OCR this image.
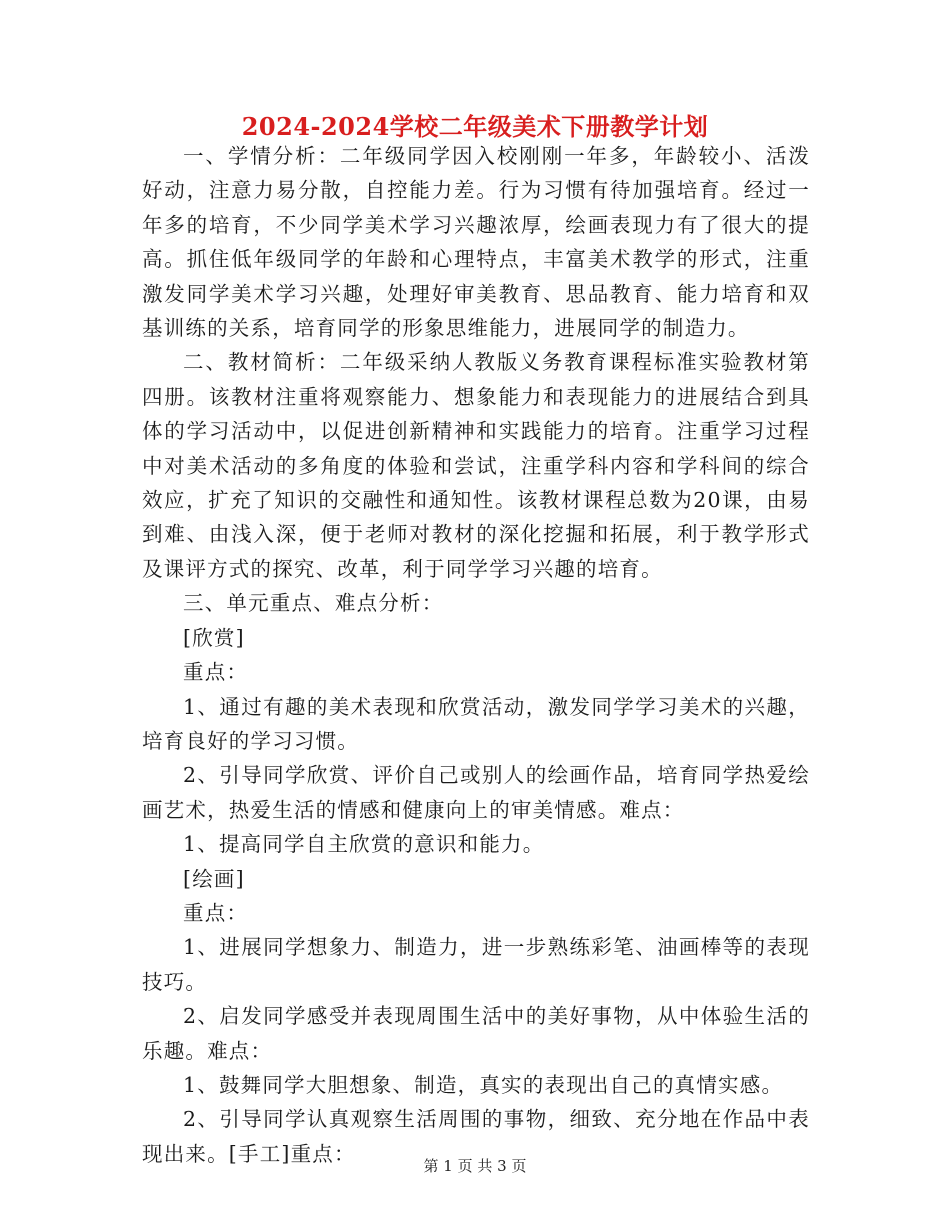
2024-2024学校二年级美术下册教学计划

一、学情分析：二年级同学因入校刚刚一年多，年龄较小、活泼好动，注意力易分散，自控能力差。行为习惯有待加强培育。经过一年多的培育，不少同学美术学习兴趣浓厚，绘画表现力有了很大的提高。抓住低年级同学的年龄和心理特点，丰富美术教学的形式，注重激发同学美术学习兴趣，处理好审美教育、思品教育、能力培育和双基训练的关系，培育同学的形象思维能力，进展同学的制造力。

二、教材简析：二年级采纳人教版义务教育课程标准实验教材第四册。该教材注重将观察能力、想象能力和表现能力的进展结合到具体的学习活动中，以促进创新精神和实践能力的培育。注重学习过程中对美术活动的多角度的体验和尝试，注重学科内容和学科间的综合效应，扩充了知识的交融性和通知性。该教材课程总数为20课，由易到难、由浅入深，便于老师对教材的深化挖掘和拓展，利于教学形式及课评方式的探究、改革，利于同学学习兴趣的培育。

三、单元重点、难点分析：

[欣赏]

重点：

1、通过有趣的美术表现和欣赏活动，激发同学学习美术的兴趣，培育良好的学习习惯。

2、引导同学欣赏、评价自己或别人的绘画作品，培育同学热爱绘画艺术，热爱生活的情感和健康向上的审美情感。难点：

1、提高同学自主欣赏的意识和能力。

[绘画]

重点：

1、进展同学想象力、制造力，进一步熟练彩笔、油画棒等的表现技巧。

2、启发同学感受并表现周围生活中的美好事物，从中体验生活的乐趣。难点：

1、鼓舞同学大胆想象、制造，真实的表现出自己的真情实感。

2、引导同学认真观察生活周围的事物，细致、充分地在作品中表现出来。[手工]重点：

第 1 页 共 3 页
